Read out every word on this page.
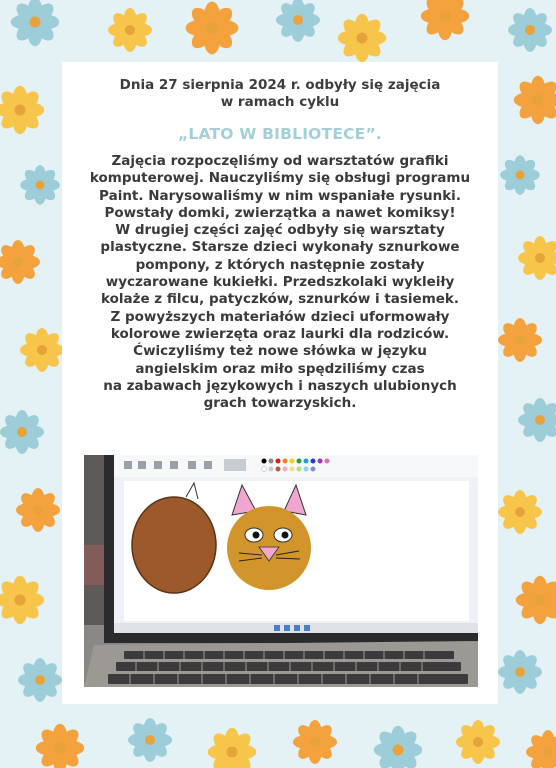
Dnia 27 sierpnia 2024 r. odbyły się zajęcia
w ramach cyklu
„LATO W BIBLIOTECE”.
Zajęcia rozpoczęliśmy od warsztatów grafiki
komputerowej. Nauczyliśmy się obsługi programu
Paint. Narysowaliśmy w nim wspaniałe rysunki.
Powstały domki, zwierzątka a nawet komiksy!
W drugiej części zajęć odbyły się warsztaty
plastyczne. Starsze dzieci wykonały sznurkowe
pompony, z których następnie zostały
wyczarowane kukiełki. Przedszkolaki wykleiły
kolaże z filcu, patyczków, sznurków i tasiemek.
Z powyższych materiałów dzieci uformowały
kolorowe zwierzęta oraz laurki dla rodziców.
Ćwiczyliśmy też nowe słówka w języku
angielskim oraz miło spędziliśmy czas
na zabawach językowych i naszych ulubionych
grach towarzyskich.
